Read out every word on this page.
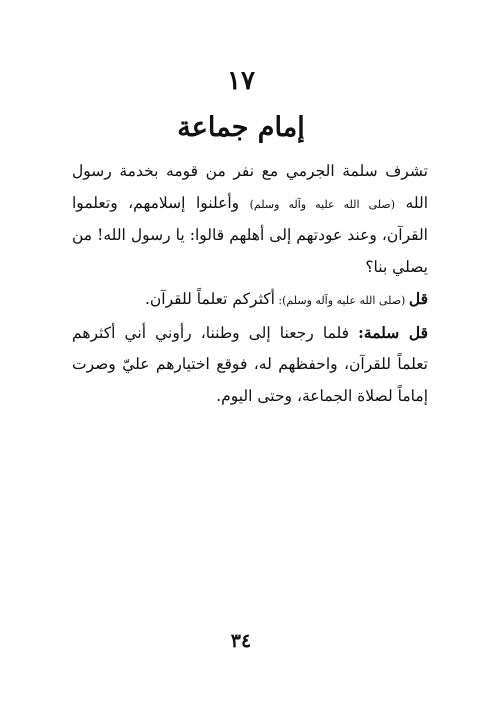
١٧
إمام جماعة

تشرف سلمة الجرمي مع نفر من قومه بخدمة رسول الله (صلى الله عليه وآله وسلم) وأعلنوا إسلامهم، وتعلموا القرآن، وعند عودتهم إلى أهلهم قالوا: يا رسول الله! من يصلي بنا؟

قل (صلى الله عليه وآله وسلم): أكثركم تعلماً للقرآن.

قل سلمة: فلما رجعنا إلى وطننا، رأوني أني أكثرهم تعلماً للقرآن، واحفظهم له، فوقع اختيارهم عليّ وصرت إماماً لصلاة الجماعة، وحتى اليوم.

٣٤
